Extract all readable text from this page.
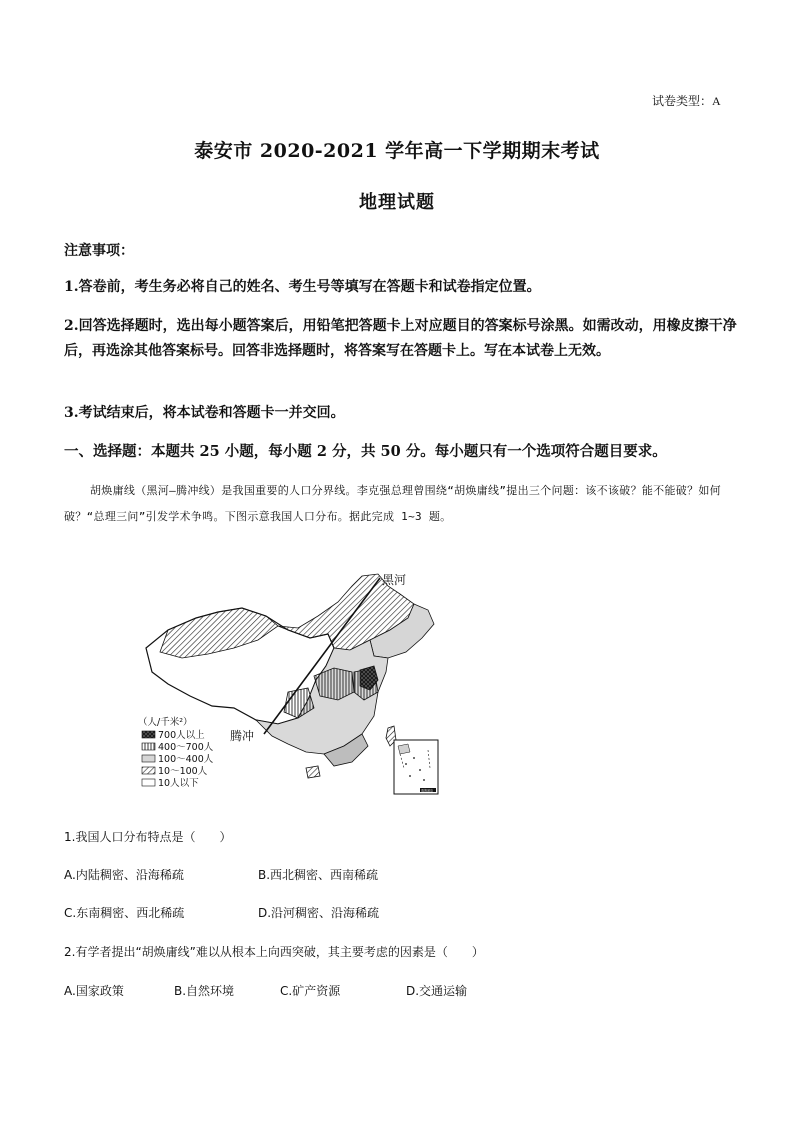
试卷类型：A
泰安市 2020-2021 学年高一下学期期末考试
地理试题
注意事项：
1.答卷前，考生务必将自己的姓名、考生号等填写在答题卡和试卷指定位置。
2.回答选择题时，选出每小题答案后，用铅笔把答题卡上对应题目的答案标号涂黑。如需改动，用橡皮擦干净后，再选涂其他答案标号。回答非选择题时，将答案写在答题卡上。写在本试卷上无效。
3.考试结束后，将本试卷和答题卡一并交回。
一、选择题：本题共 25 小题，每小题 2 分，共 50 分。每小题只有一个选项符合题目要求。
胡焕庸线（黑河—腾冲线）是我国重要的人口分界线。李克强总理曾围绕“胡焕庸线”提出三个问题：该不该破？能不能破？如何破？“总理三问”引发学术争鸣。下图示意我国人口分布。据此完成 1~3 题。
黑河
腾冲
（人/千米²）
700人以上
400～700人
100～400人
10～100人
10人以下
南海诸岛
1.我国人口分布特点是（　　）
A.内陆稠密、沿海稀疏	B.西北稠密、西南稀疏
C.东南稠密、西北稀疏	D.沿河稠密、沿海稀疏
2.有学者提出“胡焕庸线”难以从根本上向西突破，其主要考虑的因素是（　　）
A.国家政策	B.自然环境	C.矿产资源	D.交通运输
